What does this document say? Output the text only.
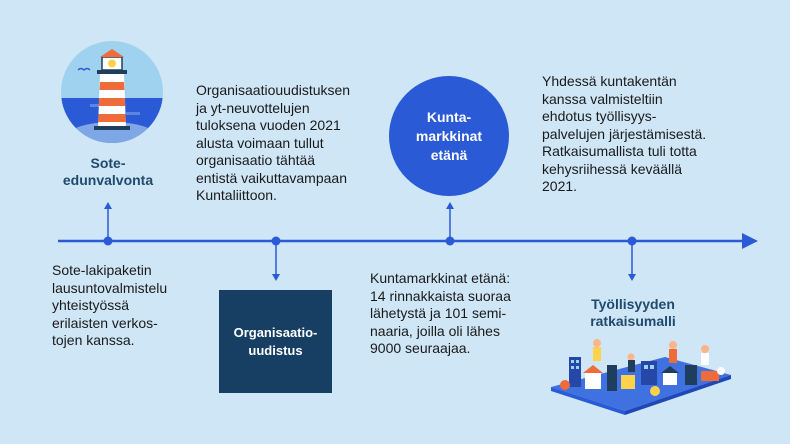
Sote-
edunvalvonta
Sote-lakipaketin
lausuntovalmistelu
yhteistyössä
erilaisten verkos-
tojen kanssa.
Organisaatiouudistuksen
ja yt-neuvottelujen
tuloksena vuoden 2021
alusta voimaan tullut
organisaatio tähtää
entistä vaikuttavampaan
Kuntaliittoon.
Organisaatio-
uudistus
Kunta-
markkinat
etänä
Kuntamarkkinat etänä:
14 rinnakkaista suoraa
lähetystä ja 101 semi-
naaria, joilla oli lähes
9000 seuraajaa.
Yhdessä kuntakentän
kanssa valmisteltiin
ehdotus työllisyys-
palvelujen järjestämisestä.
Ratkaisumallista tuli totta
kehysriihessä keväällä
2021.
Työllisyyden
ratkaisumalli
